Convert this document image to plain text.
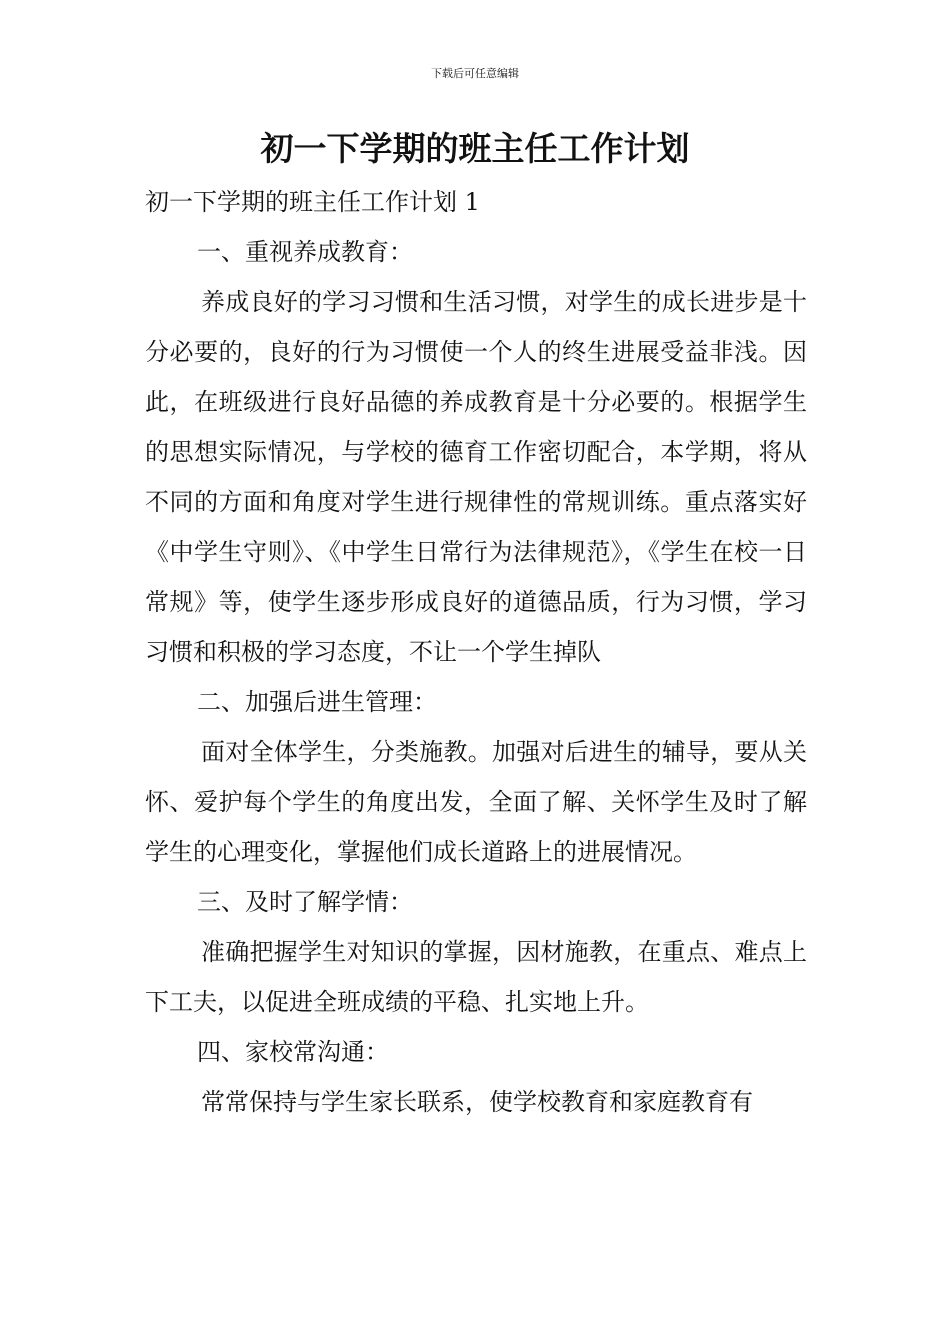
下载后可任意编辑
初一下学期的班主任工作计划

初一下学期的班主任工作计划 1

一、重视养成教育：

养成良好的学习习惯和生活习惯，对学生的成长进步是十分必要的，良好的行为习惯使一个人的终生进展受益非浅。因此，在班级进行良好品德的养成教育是十分必要的。根据学生的思想实际情况，与学校的德育工作密切配合，本学期，将从不同的方面和角度对学生进行规律性的常规训练。重点落实好《中学生守则》、《中学生日常行为法律规范》，《学生在校一日常规》等，使学生逐步形成良好的道德品质，行为习惯，学习习惯和积极的学习态度，不让一个学生掉队

二、加强后进生管理：

面对全体学生，分类施教。加强对后进生的辅导，要从关怀、爱护每个学生的角度出发，全面了解、关怀学生及时了解学生的心理变化，掌握他们成长道路上的进展情况。

三、及时了解学情：

准确把握学生对知识的掌握，因材施教，在重点、难点上下工夫，以促进全班成绩的平稳、扎实地上升。

四、家校常沟通：

常常保持与学生家长联系，使学校教育和家庭教育有
